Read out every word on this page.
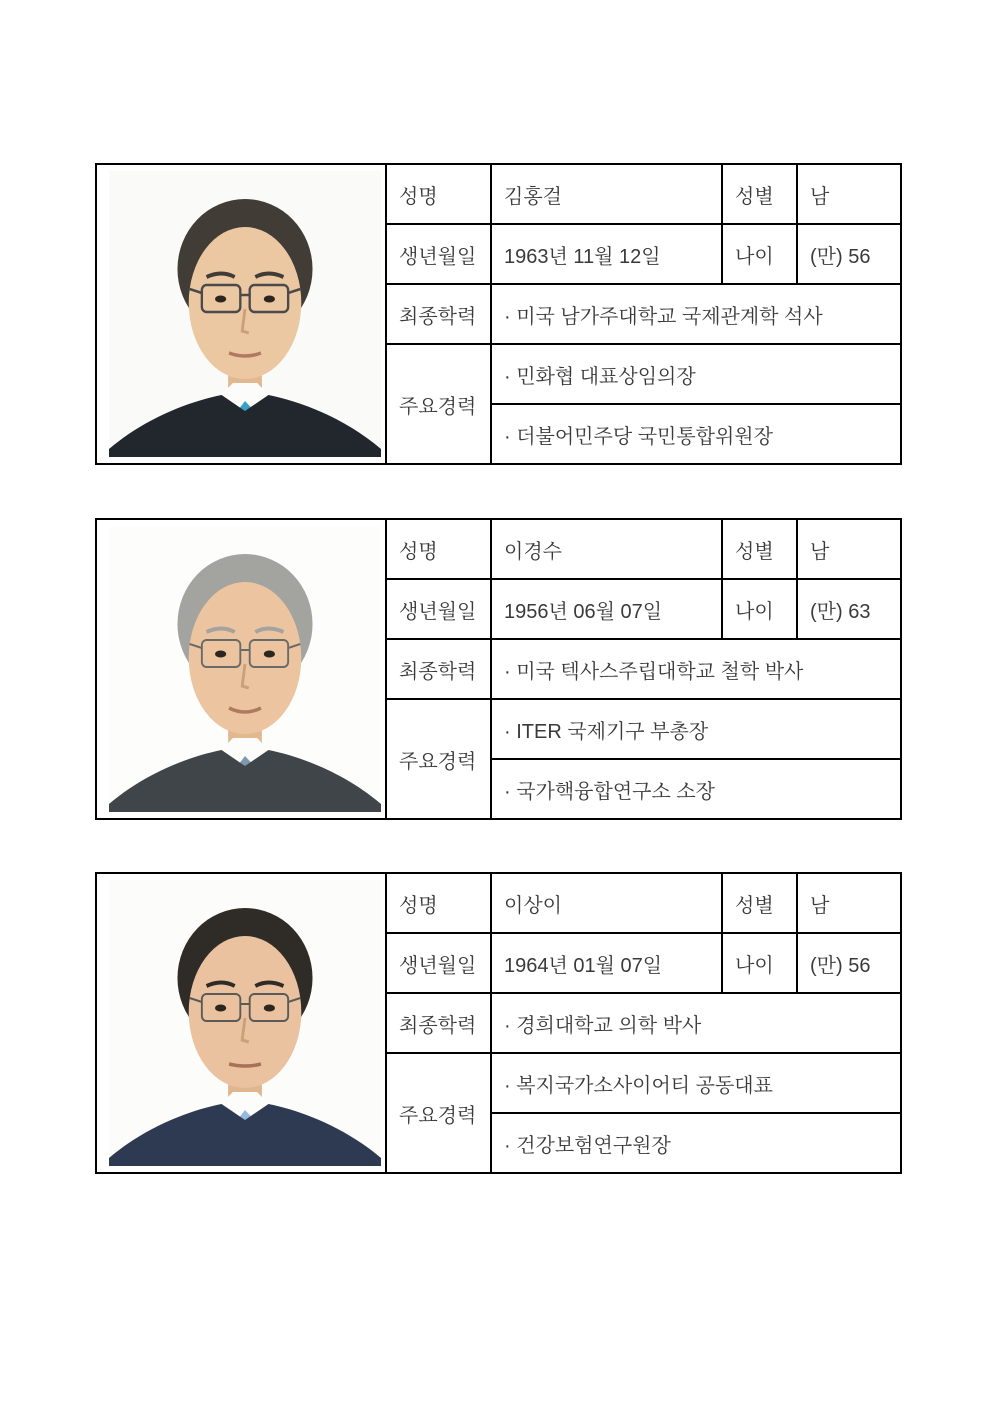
	성명	김홍걸	성별	남
	생년월일	1963년 11월 12일	나이	(만) 56
	최종학력	· 미국 남가주대학교 국제관계학 석사		
	주요경력	· 민화협 대표상임의장		
		· 더불어민주당 국민통합위원장		
	성명	이경수	성별	남
	생년월일	1956년 06월 07일	나이	(만) 63
	최종학력	· 미국 텍사스주립대학교 철학 박사		
	주요경력	· ITER 국제기구 부총장		
		· 국가핵융합연구소 소장		
	성명	이상이	성별	남
	생년월일	1964년 01월 07일	나이	(만) 56
	최종학력	· 경희대학교 의학 박사		
	주요경력	· 복지국가소사이어티 공동대표		
		· 건강보험연구원장		
